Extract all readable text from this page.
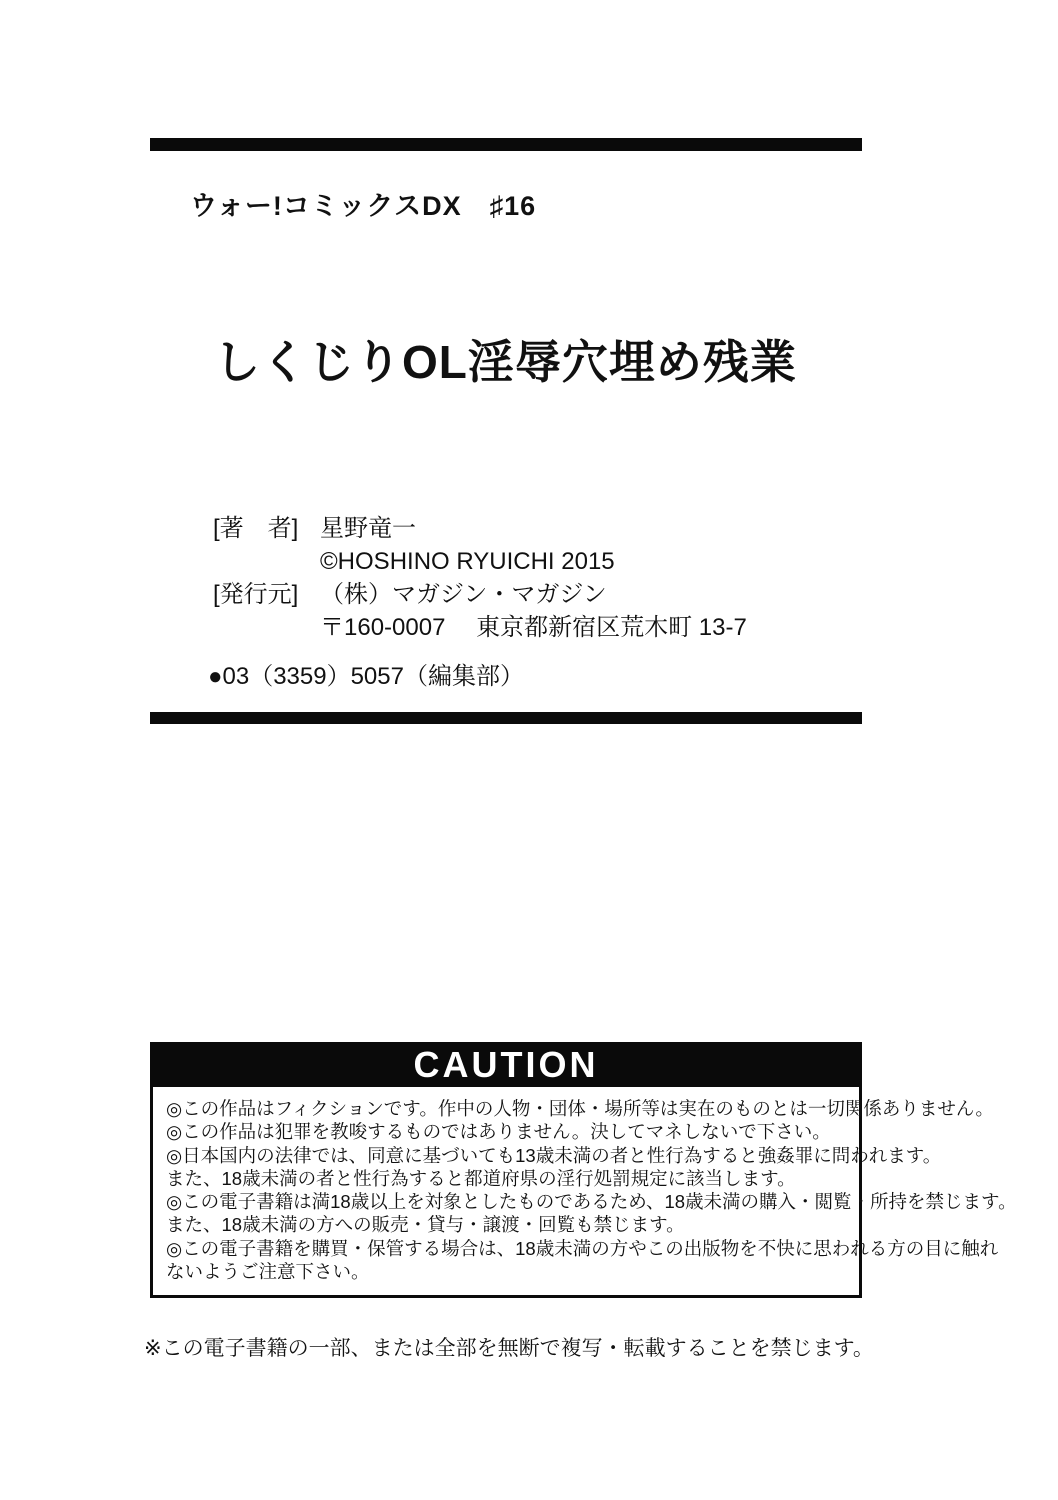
ウォー!コミックスDX　♯16
しくじりOL淫辱穴埋め残業
[著　者] 星野竜一
©HOSHINO RYUICHI 2015
[発行元] （株）マガジン・マガジン
〒160-0007　 東京都新宿区荒木町 13-7
●03（3359）5057（編集部）
CAUTION

◎この作品はフィクションです。作中の人物・団体・場所等は実在のものとは一切関係ありません。

◎この作品は犯罪を教唆するものではありません。決してマネしないで下さい。

◎日本国内の法律では、同意に基づいても13歳未満の者と性行為すると強姦罪に問われます。

また、18歳未満の者と性行為すると都道府県の淫行処罰規定に該当します。

◎この電子書籍は満18歳以上を対象としたものであるため、18歳未満の購入・閲覧・所持を禁じます。

また、18歳未満の方への販売・貸与・譲渡・回覧も禁じます。

◎この電子書籍を購買・保管する場合は、18歳未満の方やこの出版物を不快に思われる方の目に触れ

ないようご注意下さい。

※この電子書籍の一部、または全部を無断で複写・転載することを禁じます。
